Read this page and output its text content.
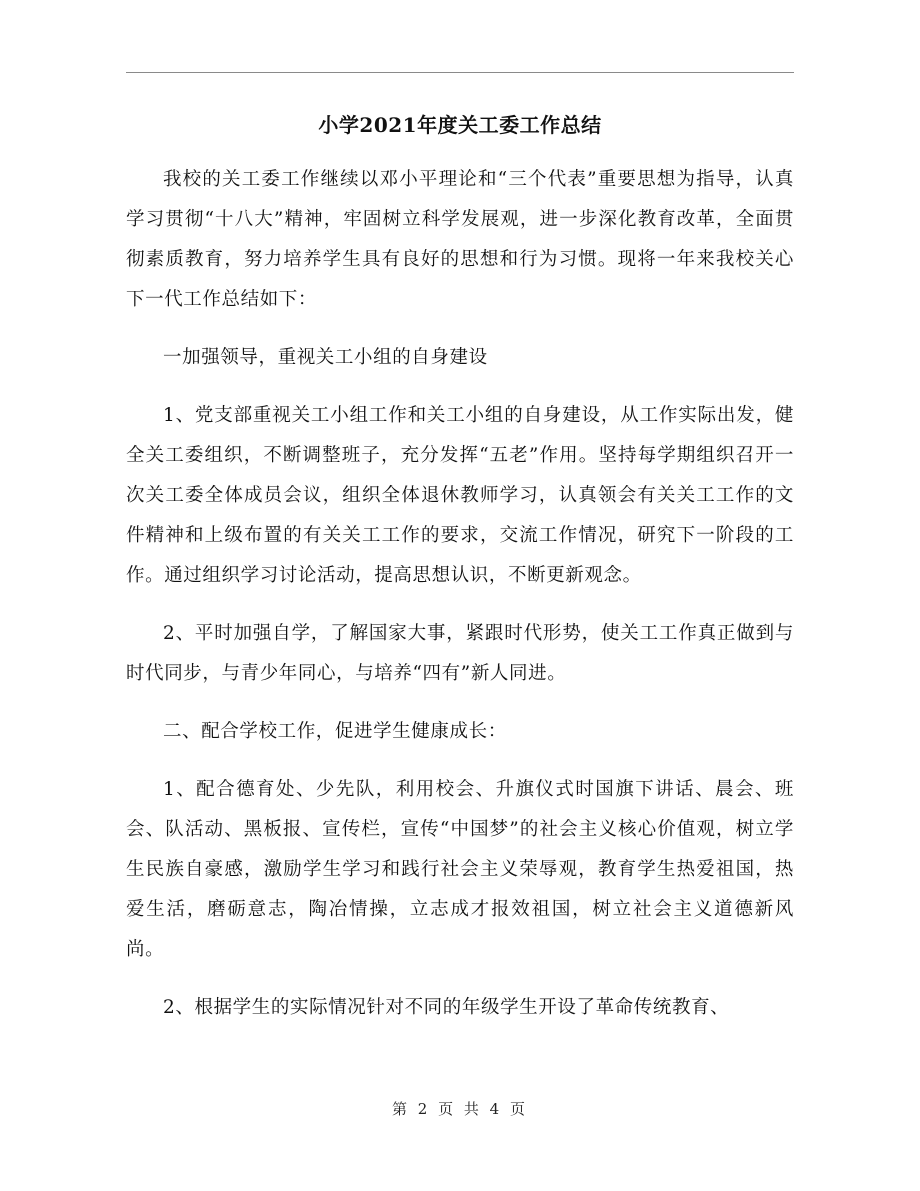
小学2021年度关工委工作总结

我校的关工委工作继续以邓小平理论和“三个代表”重要思想为指导，认真学习贯彻“十八大”精神，牢固树立科学发展观，进一步深化教育改革，全面贯彻素质教育，努力培养学生具有良好的思想和行为习惯。现将一年来我校关心下一代工作总结如下：

一加强领导，重视关工小组的自身建设

1、党支部重视关工小组工作和关工小组的自身建设，从工作实际出发，健全关工委组织，不断调整班子，充分发挥“五老”作用。坚持每学期组织召开一次关工委全体成员会议，组织全体退休教师学习，认真领会有关关工工作的文件精神和上级布置的有关关工工作的要求，交流工作情况，研究下一阶段的工作。通过组织学习讨论活动，提高思想认识，不断更新观念。

2、平时加强自学，了解国家大事，紧跟时代形势，使关工工作真正做到与时代同步，与青少年同心，与培养“四有”新人同进。

二、配合学校工作，促进学生健康成长：

1、配合德育处、少先队，利用校会、升旗仪式时国旗下讲话、晨会、班会、队活动、黑板报、宣传栏，宣传“中国梦”的社会主义核心价值观，树立学生民族自豪感，激励学生学习和践行社会主义荣辱观，教育学生热爱祖国，热爱生活，磨砺意志，陶冶情操，立志成才报效祖国，树立社会主义道德新风尚。

2、根据学生的实际情况针对不同的年级学生开设了革命传统教育、

第 2 页 共 4 页
